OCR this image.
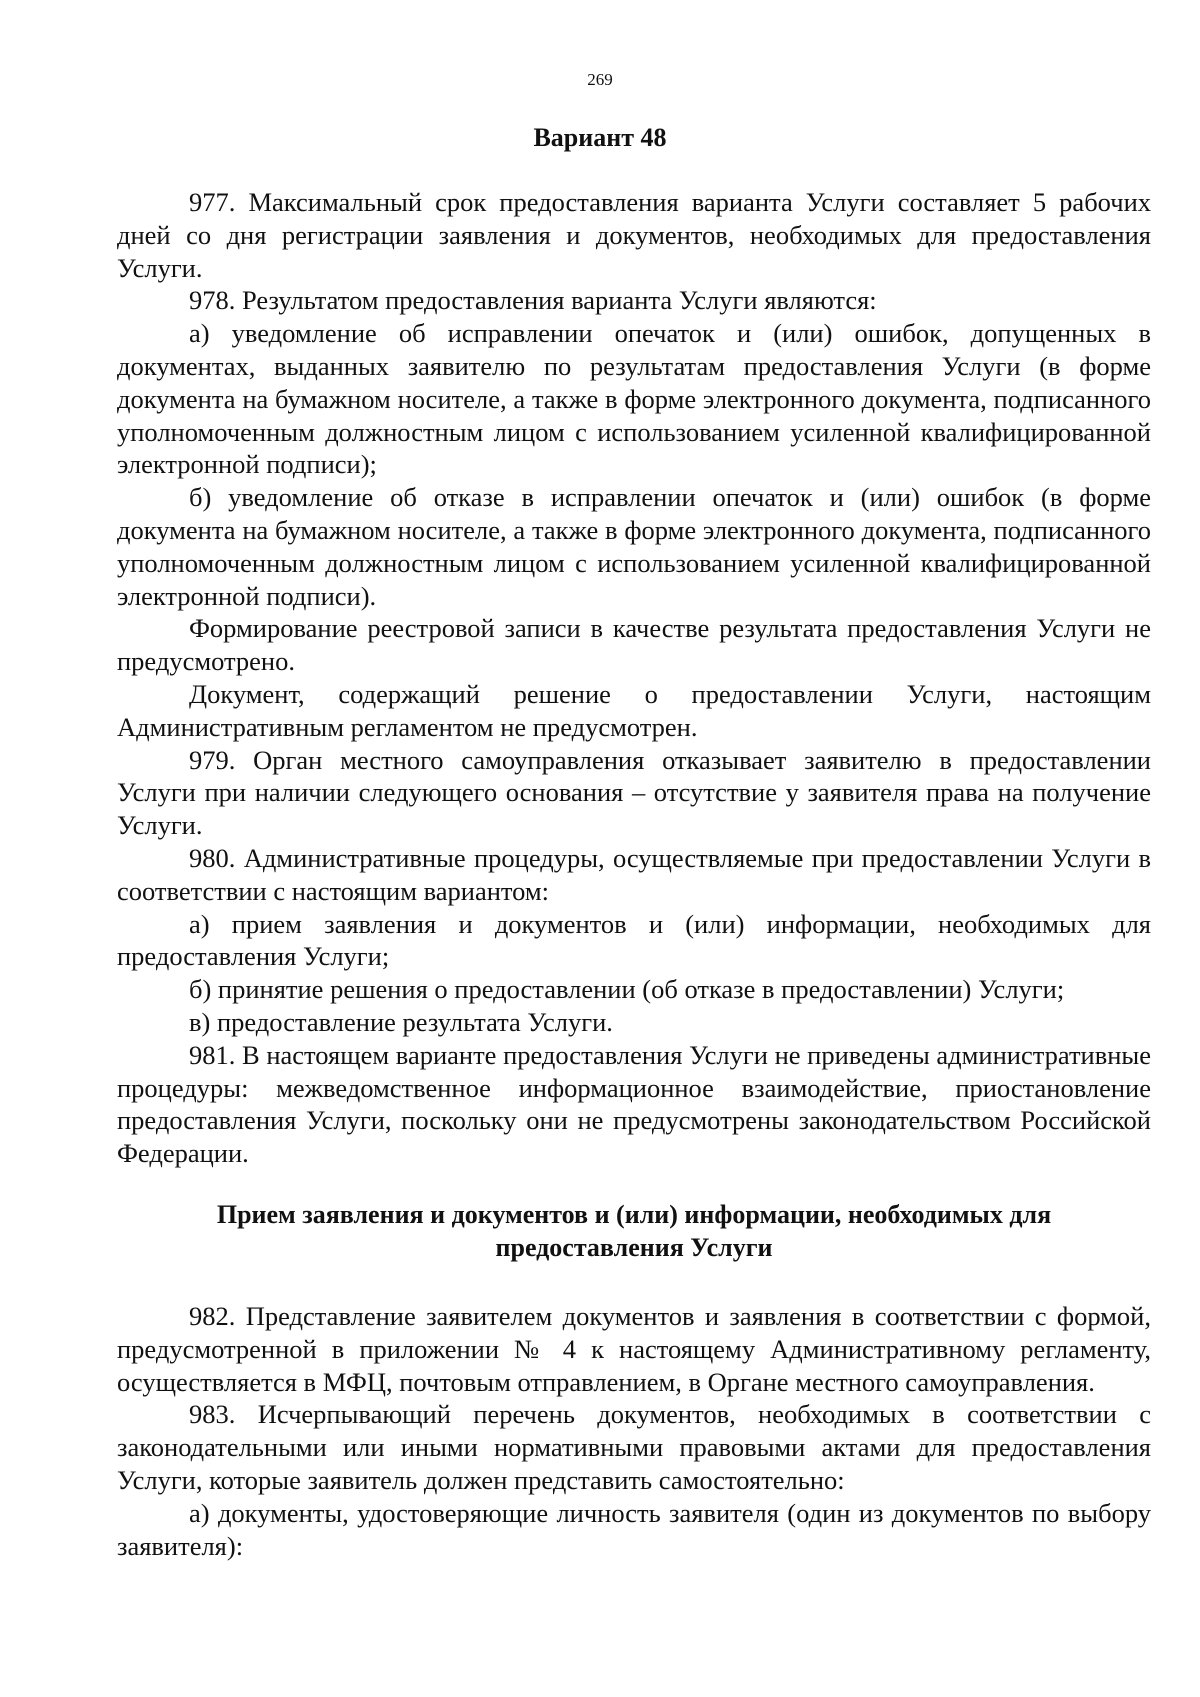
269
Вариант 48

977. Максимальный срок предоставления варианта Услуги составляет 5 рабочих дней со дня регистрации заявления и документов, необходимых для предоставления Услуги.

978. Результатом предоставления варианта Услуги являются:

а) уведомление об исправлении опечаток и (или) ошибок, допущенных в документах, выданных заявителю по результатам предоставления Услуги (в форме документа на бумажном носителе, а также в форме электронного документа, подписанного уполномоченным должностным лицом с использованием усиленной квалифицированной электронной подписи);

б) уведомление об отказе в исправлении опечаток и (или) ошибок (в форме документа на бумажном носителе, а также в форме электронного документа, подписанного уполномоченным должностным лицом с использованием усиленной квалифицированной электронной подписи).

Формирование реестровой записи в качестве результата предоставления Услуги не предусмотрено.

Документ, содержащий решение о предоставлении Услуги, настоящим Административным регламентом не предусмотрен.

979. Орган местного самоуправления отказывает заявителю в предоставлении Услуги при наличии следующего основания – отсутствие у заявителя права на получение Услуги.

980. Административные процедуры, осуществляемые при предоставлении Услуги в соответствии с настоящим вариантом:

а) прием заявления и документов и (или) информации, необходимых для предоставления Услуги;

б) принятие решения о предоставлении (об отказе в предоставлении) Услуги;

в) предоставление результата Услуги.

981. В настоящем варианте предоставления Услуги не приведены административные процедуры: межведомственное информационное взаимодействие, приостановление предоставления Услуги, поскольку они не предусмотрены законодательством Российской Федерации.

Прием заявления и документов и (или) информации, необходимых для
предоставления Услуги

982. Представление заявителем документов и заявления в соответствии с формой, предусмотренной в приложении № 4 к настоящему Административному регламенту, осуществляется в МФЦ, почтовым отправлением, в Органе местного самоуправления.

983. Исчерпывающий перечень документов, необходимых в соответствии с законодательными или иными нормативными правовыми актами для предоставления Услуги, которые заявитель должен представить самостоятельно:

а) документы, удостоверяющие личность заявителя (один из документов по выбору заявителя):
